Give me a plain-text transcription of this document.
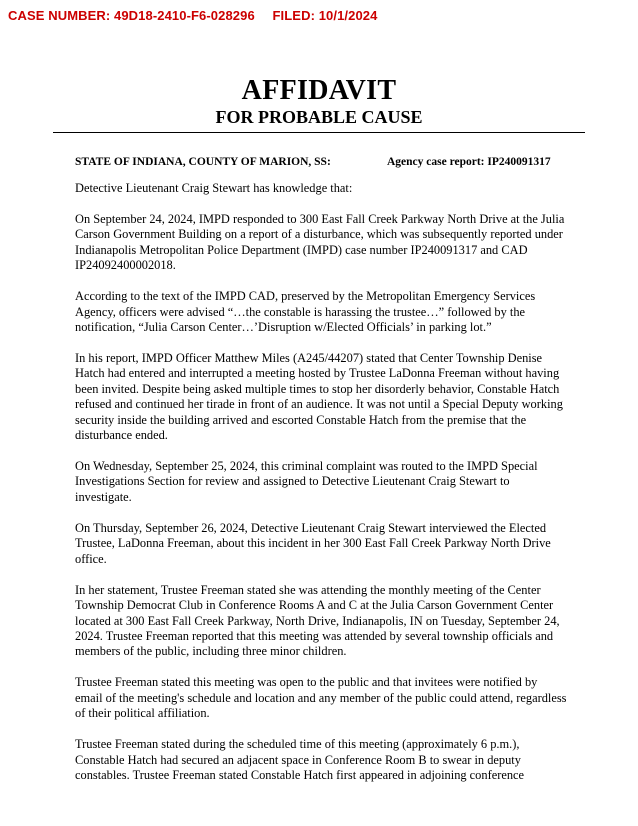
CASE NUMBER: 49D18-2410-F6-028296 FILED: 10/1/2024
AFFIDAVIT
FOR PROBABLE CAUSE
STATE OF INDIANA, COUNTY OF MARION, SS:	Agency case report: IP240091317

Detective Lieutenant Craig Stewart has knowledge that:

On September 24, 2024, IMPD responded to 300 East Fall Creek Parkway North Drive at the Julia Carson Government Building on a report of a disturbance, which was subsequently reported under Indianapolis Metropolitan Police Department (IMPD) case number IP240091317 and CAD IP24092400002018.

According to the text of the IMPD CAD, preserved by the Metropolitan Emergency Services Agency, officers were advised “…the constable is harassing the trustee…” followed by the notification, “Julia Carson Center…’Disruption w/Elected Officials’ in parking lot.”

In his report, IMPD Officer Matthew Miles (A245/44207) stated that Center Township Denise Hatch had entered and interrupted a meeting hosted by Trustee LaDonna Freeman without having been invited. Despite being asked multiple times to stop her disorderly behavior, Constable Hatch refused and continued her tirade in front of an audience. It was not until a Special Deputy working security inside the building arrived and escorted Constable Hatch from the premise that the disturbance ended.

On Wednesday, September 25, 2024, this criminal complaint was routed to the IMPD Special Investigations Section for review and assigned to Detective Lieutenant Craig Stewart to investigate.

On Thursday, September 26, 2024, Detective Lieutenant Craig Stewart interviewed the Elected Trustee, LaDonna Freeman, about this incident in her 300 East Fall Creek Parkway North Drive office.

In her statement, Trustee Freeman stated she was attending the monthly meeting of the Center Township Democrat Club in Conference Rooms A and C at the Julia Carson Government Center located at 300 East Fall Creek Parkway, North Drive, Indianapolis, IN on Tuesday, September 24, 2024. Trustee Freeman reported that this meeting was attended by several township officials and members of the public, including three minor children.

Trustee Freeman stated this meeting was open to the public and that invitees were notified by email of the meeting's schedule and location and any member of the public could attend, regardless of their political affiliation.

Trustee Freeman stated during the scheduled time of this meeting (approximately 6 p.m.), Constable Hatch had secured an adjacent space in Conference Room B to swear in deputy constables. Trustee Freeman stated Constable Hatch first appeared in adjoining conference
